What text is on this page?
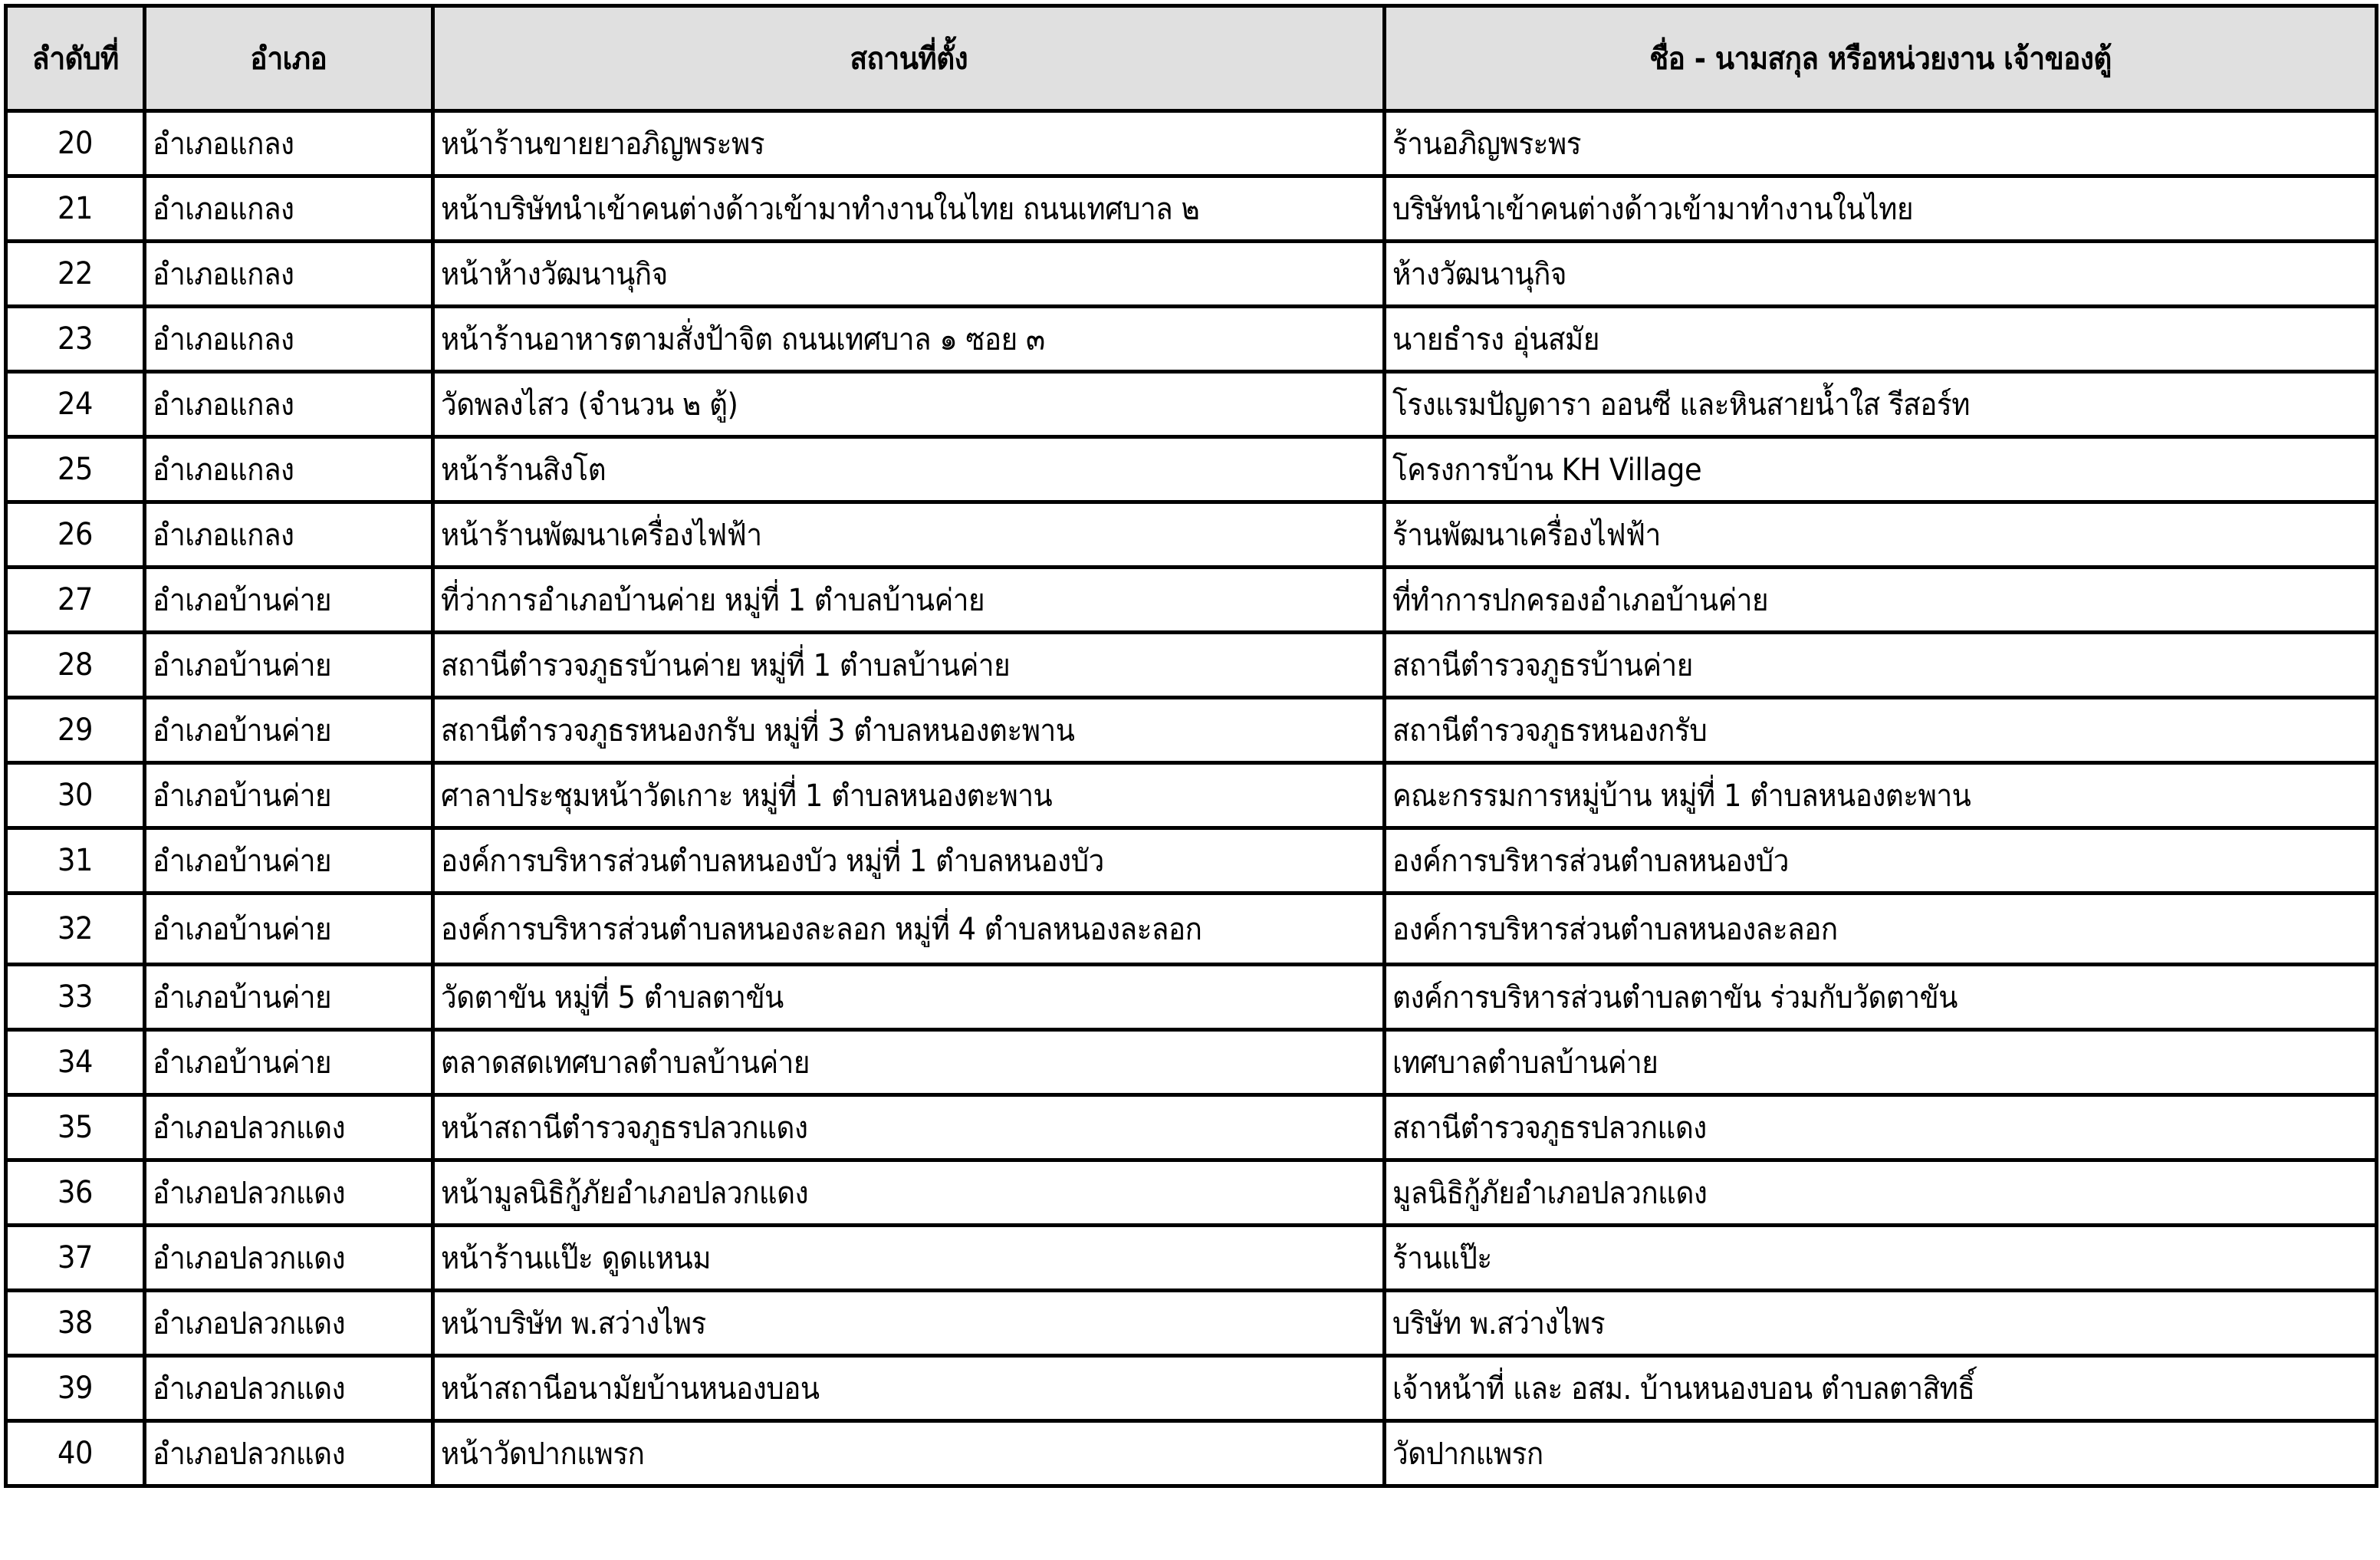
ลำดับที่	อำเภอ	สถานที่ตั้ง	ชื่อ - นามสกุล หรือหน่วยงาน เจ้าของตู้
20	อำเภอแกลง	หน้าร้านขายยาอภิญพระพร	ร้านอภิญพระพร
21	อำเภอแกลง	หน้าบริษัทนำเข้าคนต่างด้าวเข้ามาทำงานในไทย ถนนเทศบาล ๒	บริษัทนำเข้าคนต่างด้าวเข้ามาทำงานในไทย
22	อำเภอแกลง	หน้าห้างวัฒนานุกิจ	ห้างวัฒนานุกิจ
23	อำเภอแกลง	หน้าร้านอาหารตามสั่งป้าจิต ถนนเทศบาล ๑ ซอย ๓	นายธำรง อุ่นสมัย
24	อำเภอแกลง	วัดพลงไสว (จำนวน ๒ ตู้)	โรงแรมปัญดารา ออนซี และหินสายน้ำใส รีสอร์ท
25	อำเภอแกลง	หน้าร้านสิงโต	โครงการบ้าน KH Village
26	อำเภอแกลง	หน้าร้านพัฒนาเครื่องไฟฟ้า	ร้านพัฒนาเครื่องไฟฟ้า
27	อำเภอบ้านค่าย	ที่ว่าการอำเภอบ้านค่าย หมู่ที่ 1 ตำบลบ้านค่าย	ที่ทำการปกครองอำเภอบ้านค่าย
28	อำเภอบ้านค่าย	สถานีตำรวจภูธรบ้านค่าย หมู่ที่ 1 ตำบลบ้านค่าย	สถานีตำรวจภูธรบ้านค่าย
29	อำเภอบ้านค่าย	สถานีตำรวจภูธรหนองกรับ หมู่ที่ 3 ตำบลหนองตะพาน	สถานีตำรวจภูธรหนองกรับ
30	อำเภอบ้านค่าย	ศาลาประชุมหน้าวัดเกาะ หมู่ที่ 1 ตำบลหนองตะพาน	คณะกรรมการหมู่บ้าน หมู่ที่ 1 ตำบลหนองตะพาน
31	อำเภอบ้านค่าย	องค์การบริหารส่วนตำบลหนองบัว หมู่ที่ 1 ตำบลหนองบัว	องค์การบริหารส่วนตำบลหนองบัว
32	อำเภอบ้านค่าย	องค์การบริหารส่วนตำบลหนองละลอก หมู่ที่ 4 ตำบลหนองละลอก	องค์การบริหารส่วนตำบลหนองละลอก
33	อำเภอบ้านค่าย	วัดตาขัน หมู่ที่ 5 ตำบลตาขัน	ตงค์การบริหารส่วนตำบลตาขัน ร่วมกับวัดตาขัน
34	อำเภอบ้านค่าย	ตลาดสดเทศบาลตำบลบ้านค่าย	เทศบาลตำบลบ้านค่าย
35	อำเภอปลวกแดง	หน้าสถานีตำรวจภูธรปลวกแดง	สถานีตำรวจภูธรปลวกแดง
36	อำเภอปลวกแดง	หน้ามูลนิธิกู้ภัยอำเภอปลวกแดง	มูลนิธิกู้ภัยอำเภอปลวกแดง
37	อำเภอปลวกแดง	หน้าร้านแป๊ะ ดูดแหนม	ร้านแป๊ะ
38	อำเภอปลวกแดง	หน้าบริษัท พ.สว่างไพร	บริษัท พ.สว่างไพร
39	อำเภอปลวกแดง	หน้าสถานีอนามัยบ้านหนองบอน	เจ้าหน้าที่ และ อสม. บ้านหนองบอน ตำบลตาสิทธิ์
40	อำเภอปลวกแดง	หน้าวัดปากแพรก	วัดปากแพรก
